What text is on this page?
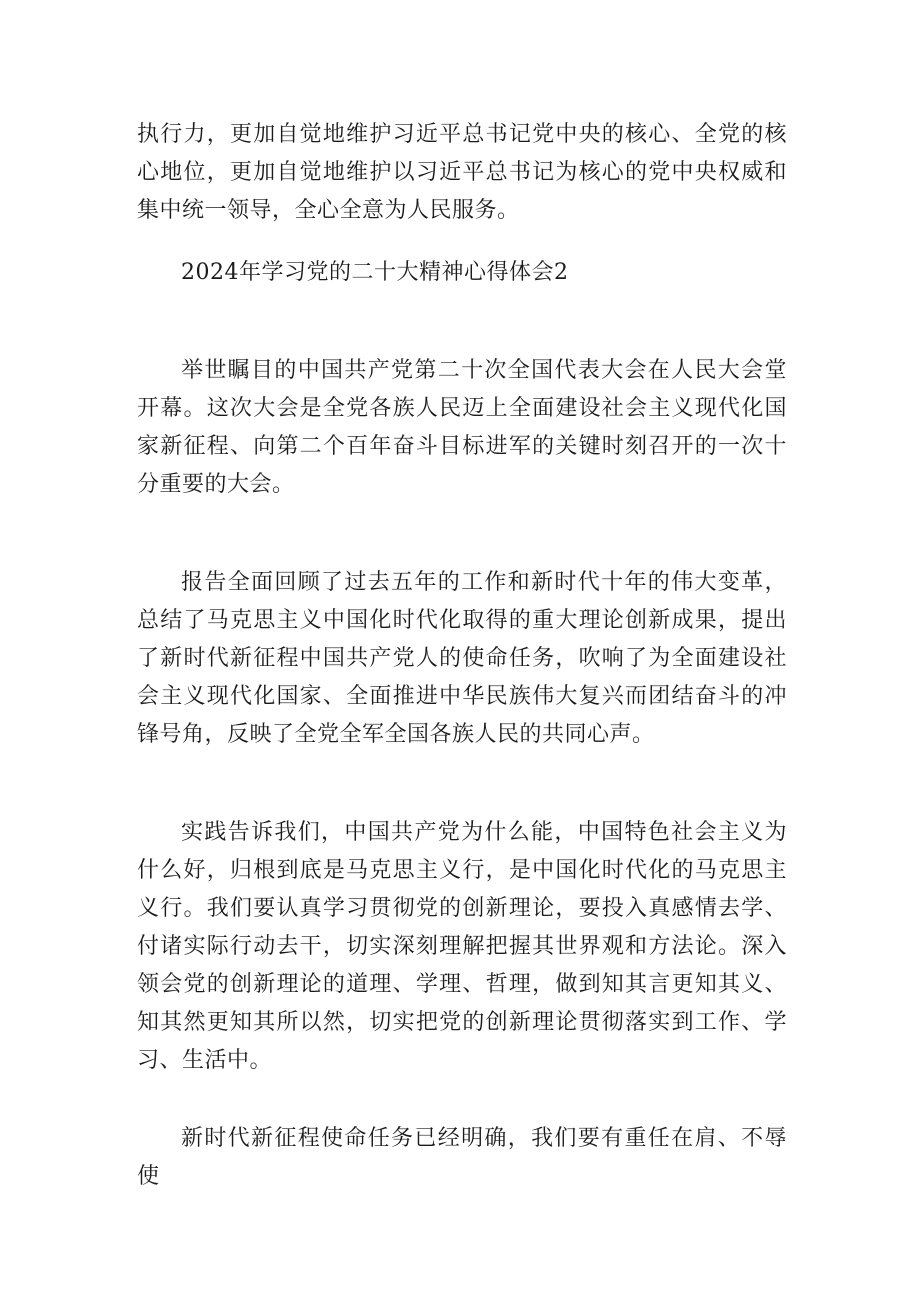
执行力，更加自觉地维护习近平总书记党中央的核心、全党的核心地位，更加自觉地维护以习近平总书记为核心的党中央权威和集中统一领导，全心全意为人民服务。

2024年学习党的二十大精神心得体会2

举世瞩目的中国共产党第二十次全国代表大会在人民大会堂开幕。这次大会是全党各族人民迈上全面建设社会主义现代化国家新征程、向第二个百年奋斗目标进军的关键时刻召开的一次十分重要的大会。

报告全面回顾了过去五年的工作和新时代十年的伟大变革，总结了马克思主义中国化时代化取得的重大理论创新成果，提出了新时代新征程中国共产党人的使命任务，吹响了为全面建设社会主义现代化国家、全面推进中华民族伟大复兴而团结奋斗的冲锋号角，反映了全党全军全国各族人民的共同心声。

实践告诉我们，中国共产党为什么能，中国特色社会主义为什么好，归根到底是马克思主义行，是中国化时代化的马克思主义行。我们要认真学习贯彻党的创新理论，要投入真感情去学、付诸实际行动去干，切实深刻理解把握其世界观和方法论。深入领会党的创新理论的道理、学理、哲理，做到知其言更知其义、知其然更知其所以然，切实把党的创新理论贯彻落实到工作、学习、生活中。

新时代新征程使命任务已经明确，我们要有重任在肩、不辱使
